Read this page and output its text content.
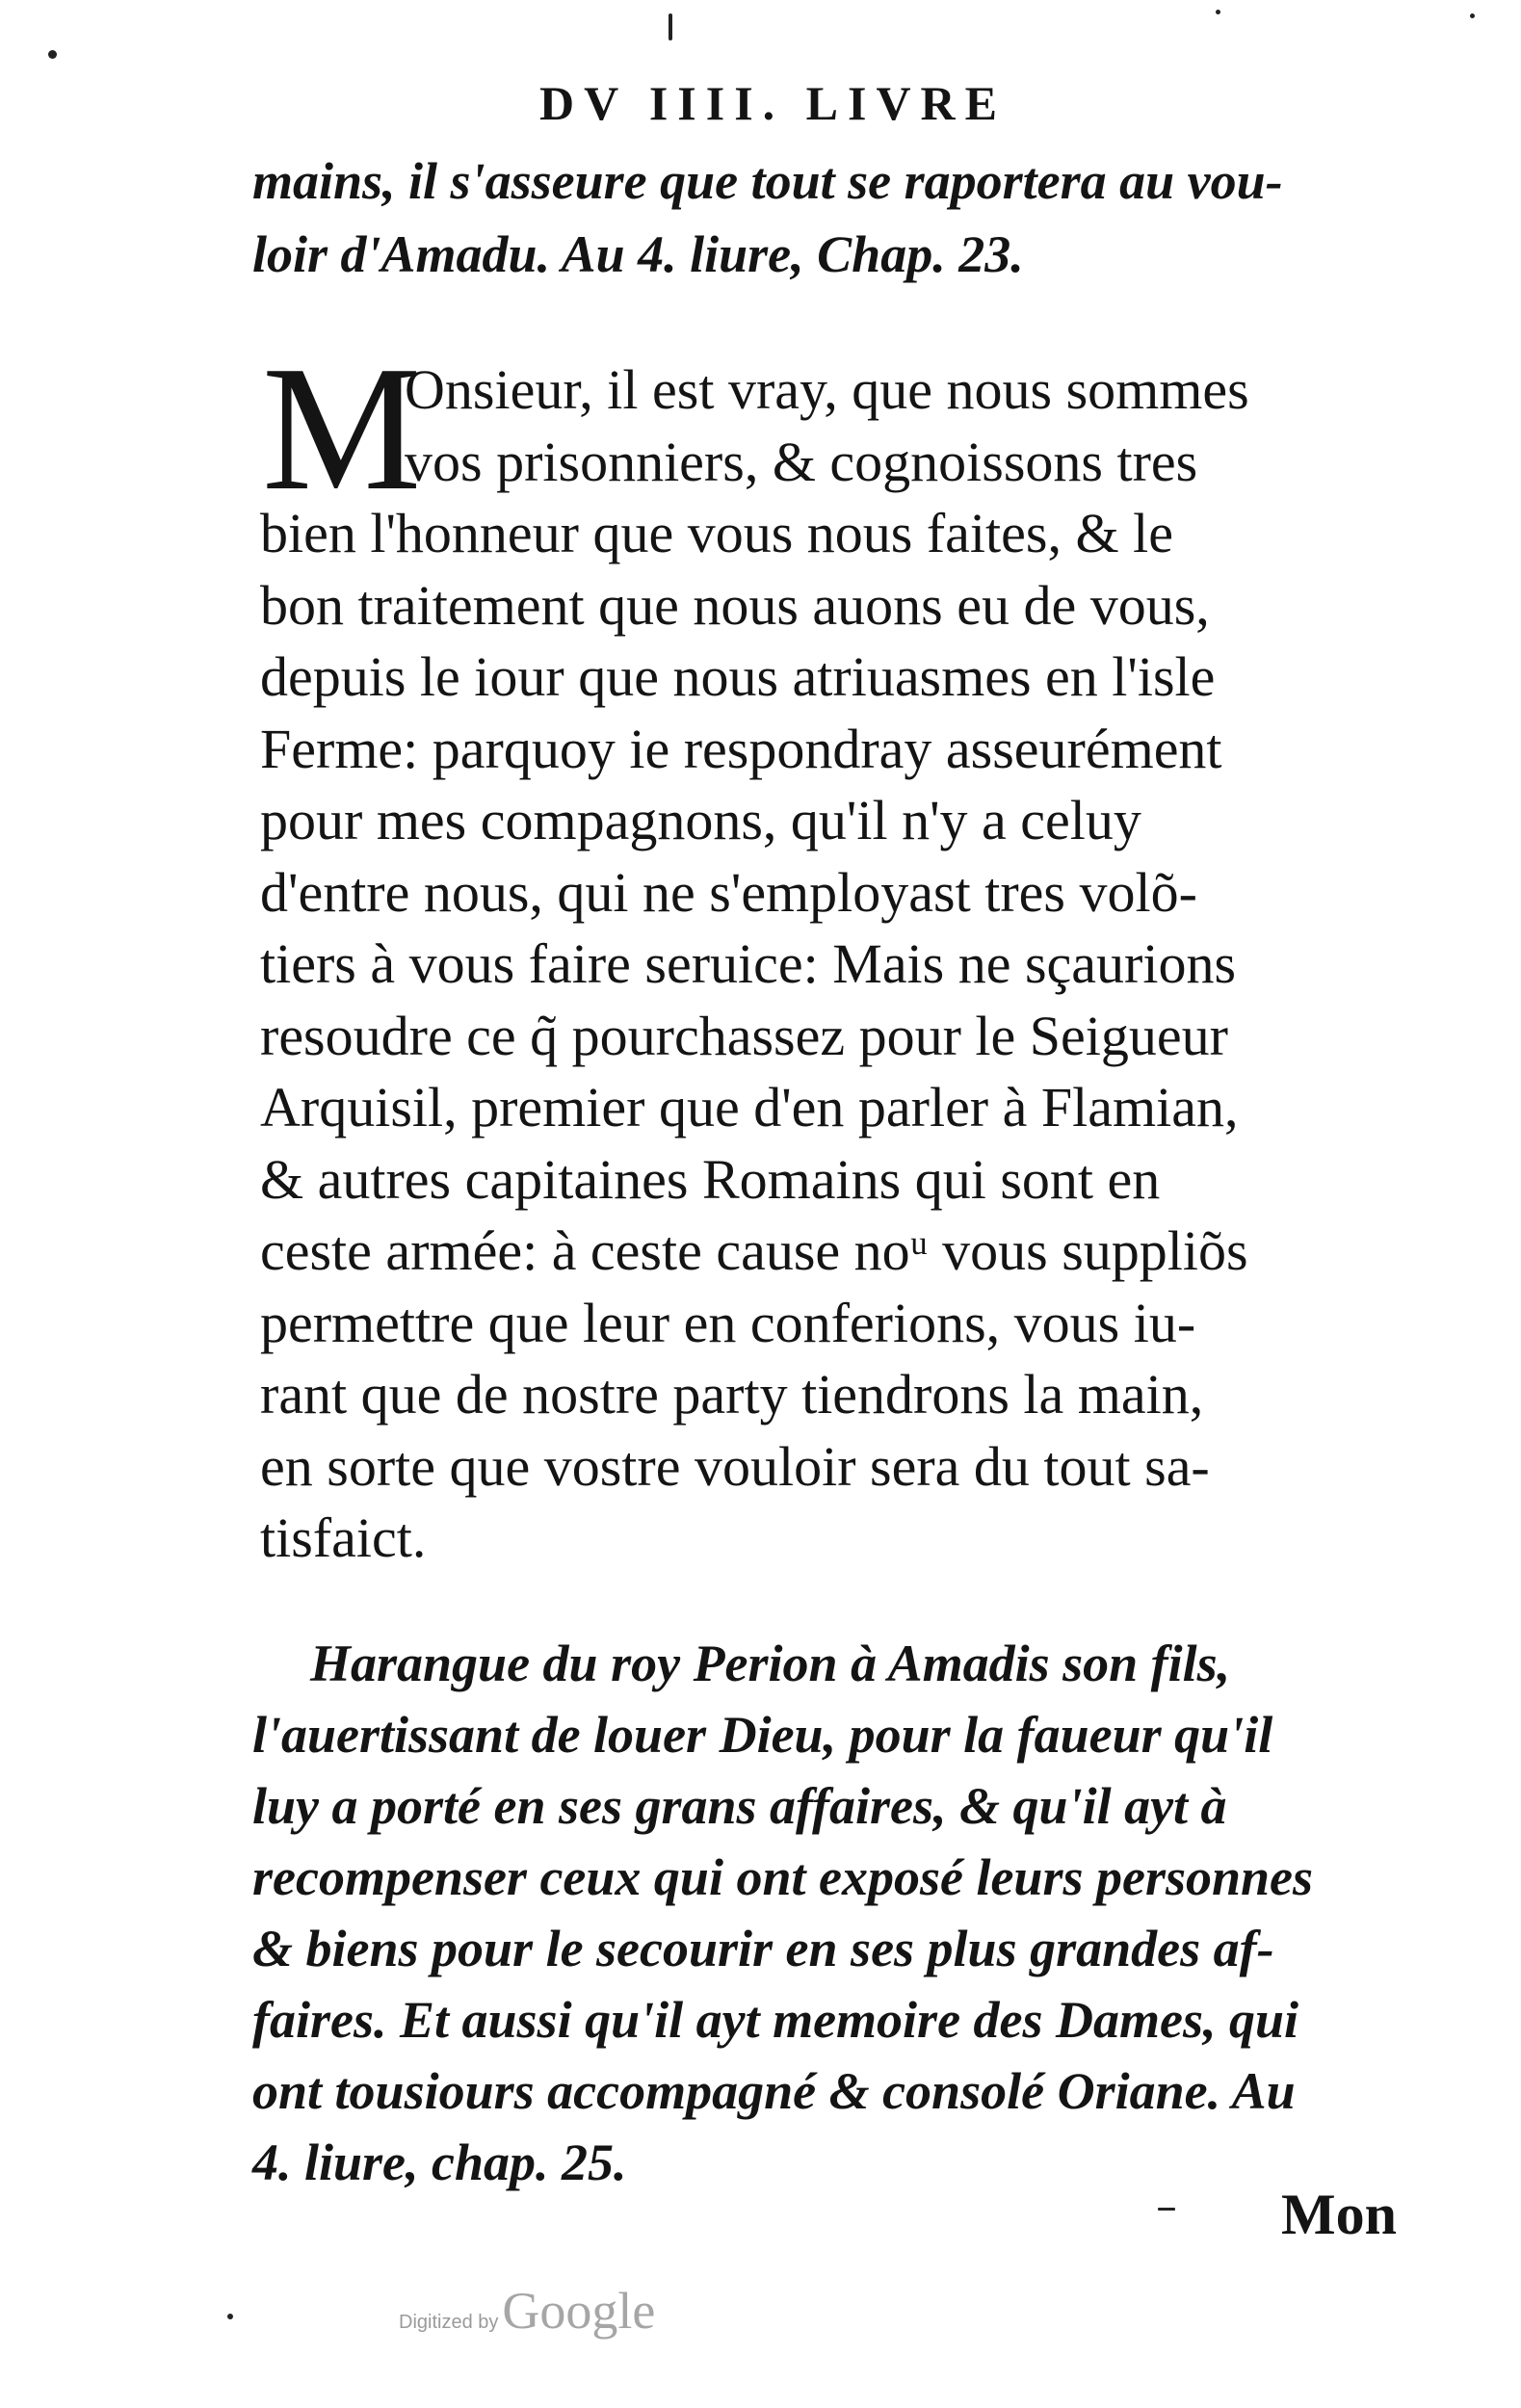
DV IIII. LIVRE
mains, il s'asseure que tout se raportera au vou-
loir d'Amadu. Au 4. liure, Chap. 23.
M
Onsieur, il est vray, que nous sommes
vos prisonniers, & cognoissons tres
bien l'honneur que vous nous faites, & le
bon traitement que nous auons eu de vous,
depuis le iour que nous atriuasmes en l'isle
Ferme: parquoy ie respondray asseurément
pour mes compagnons, qu'il n'y a celuy
d'entre nous, qui ne s'employast tres volõ-
tiers à vous faire seruice: Mais ne sçaurions
resoudre ce q̃ pourchassez pour le Seigueur
Arquisil, premier que d'en parler à Flamian,
& autres capitaines Romains qui sont en
ceste armée: à ceste cause noᵘ vous suppliõs
permettre que leur en conferions, vous iu-
rant que de nostre party tiendrons la main,
en sorte que vostre vouloir sera du tout sa-
tisfaict.
Harangue du roy Perion à Amadis son fils,
l'auertissant de louer Dieu, pour la faueur qu'il
luy a porté en ses grans affaires, & qu'il ayt à
recompenser ceux qui ont exposé leurs personnes
& biens pour le secourir en ses plus grandes af-
faires. Et aussi qu'il ayt memoire des Dames, qui
ont tousiours accompagné & consolé Oriane. Au
4. liure, chap. 25.
Mon
Digitized by Google
